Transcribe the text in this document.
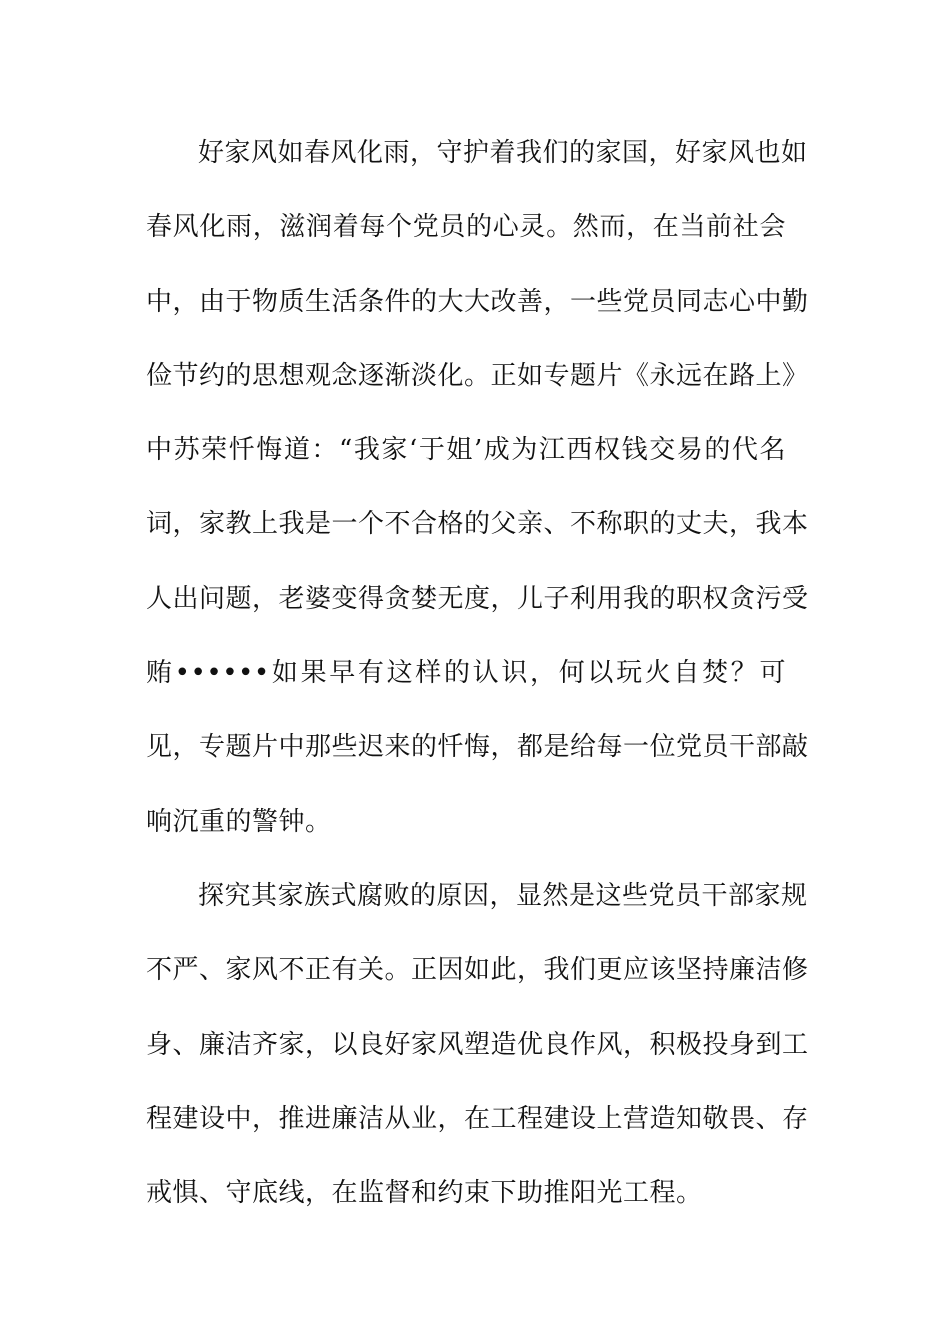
好家风如春风化雨，守护着我们的家国，好家风也如
春风化雨，滋润着每个党员的心灵。然而，在当前社会
中，由于物质生活条件的大大改善，一些党员同志心中勤
俭节约的思想观念逐渐淡化。正如专题片《永远在路上》
中苏荣忏悔道：“我家‘于姐’成为江西权钱交易的代名
词，家教上我是一个不合格的父亲、不称职的丈夫，我本
人出问题，老婆变得贪婪无度，儿子利用我的职权贪污受
贿••••••如果早有这样的认识，何以玩火自焚？可
见，专题片中那些迟来的忏悔，都是给每一位党员干部敲
响沉重的警钟。
探究其家族式腐败的原因，显然是这些党员干部家规
不严、家风不正有关。正因如此，我们更应该坚持廉洁修
身、廉洁齐家，以良好家风塑造优良作风，积极投身到工
程建设中，推进廉洁从业，在工程建设上营造知敬畏、存
戒惧、守底线，在监督和约束下助推阳光工程。
